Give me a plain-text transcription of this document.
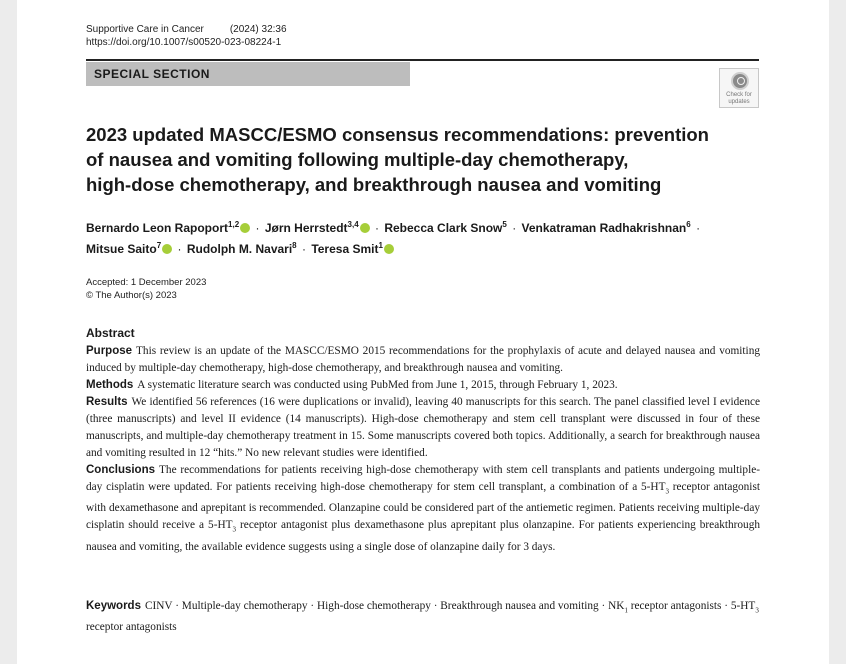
Supportive Care in Cancer	(2024) 32:36
https://doi.org/10.1007/s00520-023-08224-1
SPECIAL SECTION
Check for updates
2023 updated MASCC/ESMO consensus recommendations: prevention
of nausea and vomiting following multiple-day chemotherapy,
high-dose chemotherapy, and breakthrough nausea and vomiting
Bernardo Leon Rapoport$^{1,2}$ · Jørn Herrstedt$^{3,4}$ · Rebecca Clark Snow$^5$ · Venkatraman Radhakrishnan$^6$ ·
Mitsue Saito$^7$ · Rudolph M. Navari$^8$ · Teresa Smit$^1$
Accepted: 1 December 2023
© The Author(s) 2023
Abstract

Purpose This review is an update of the MASCC/ESMO 2015 recommendations for the prophylaxis of acute and delayed nausea and vomiting induced by multiple-day chemotherapy, high-dose chemotherapy, and breakthrough nausea and vomiting.

Methods A systematic literature search was conducted using PubMed from June 1, 2015, through February 1, 2023.

Results We identified 56 references (16 were duplications or invalid), leaving 40 manuscripts for this search. The panel classified level I evidence (three manuscripts) and level II evidence (14 manuscripts). High-dose chemotherapy and stem cell transplant were discussed in four of these manuscripts, and multiple-day chemotherapy treatment in 15. Some manuscripts covered both topics. Additionally, a search for breakthrough nausea and vomiting resulted in 12 “hits.” No new relevant studies were identified.

Conclusions The recommendations for patients receiving high-dose chemotherapy with stem cell transplants and patients undergoing multiple-day cisplatin were updated. For patients receiving high-dose chemotherapy for stem cell transplant, a combination of a $5-HT_3$ receptor antagonist with dexamethasone and aprepitant is recommended. Olanzapine could be considered part of the antiemetic regimen. Patients receiving multiple-day cisplatin should receive a $5-HT_3$ receptor antagonist plus dexamethasone plus aprepitant plus olanzapine. For patients experiencing breakthrough nausea and vomiting, the available evidence suggests using a single dose of olanzapine daily for 3 days.

Keywords CINV · Multiple-day chemotherapy · High-dose chemotherapy · Breakthrough nausea and vomiting · $NK_1$ receptor antagonists · $5-HT_3$ receptor antagonists
